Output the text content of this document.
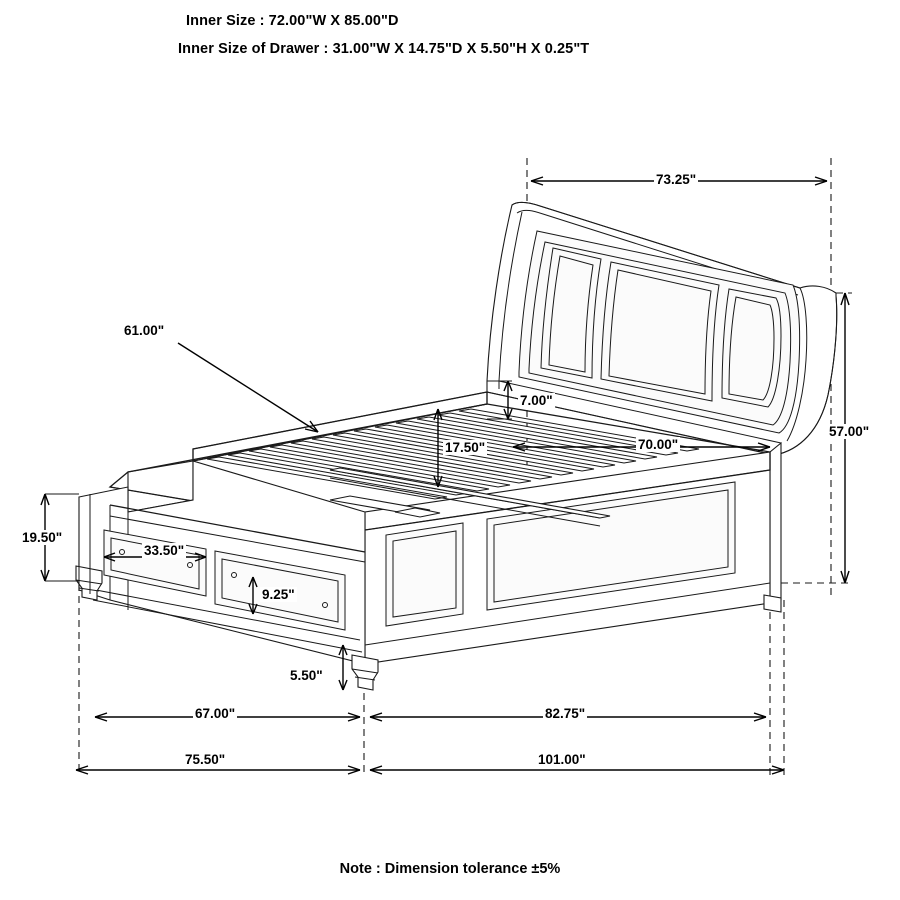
Inner Size : 72.00"W X 85.00"D
Inner Size of Drawer : 31.00"W X 14.75"D X 5.50"H X 0.25"T
73.25"
57.00"
61.00"
7.00"
17.50"	70.00"
19.50"
33.50"
9.25"
5.50"
67.00"	82.75"
75.50"	101.00"
Note : Dimension tolerance ±5%
